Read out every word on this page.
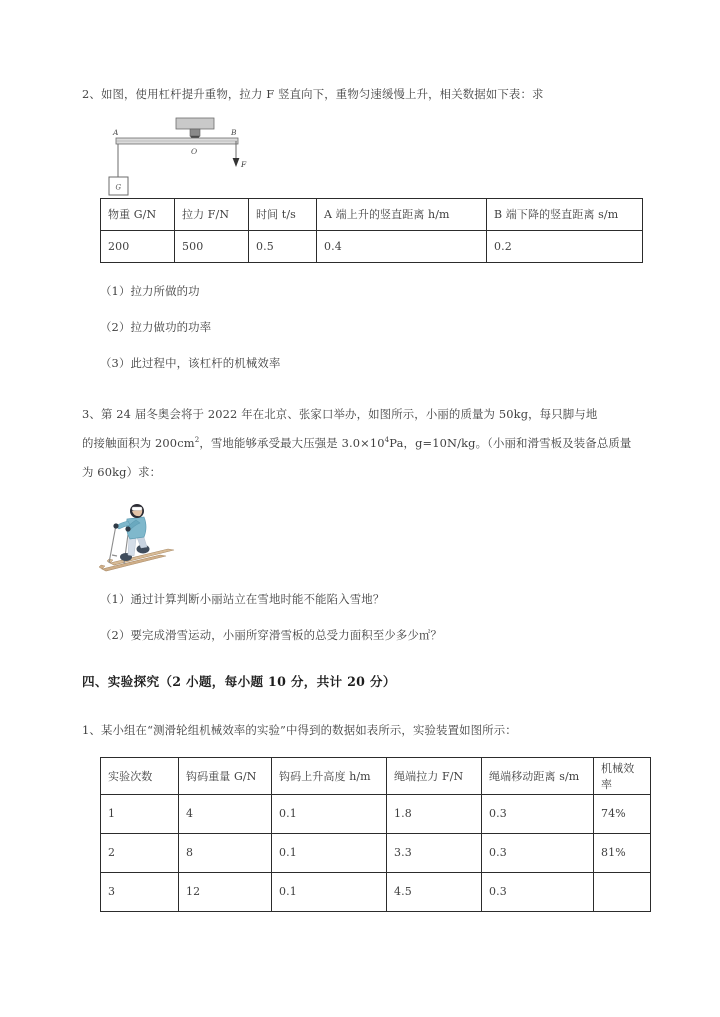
2、如图，使用杠杆提升重物，拉力 F 竖直向下，重物匀速缓慢上升，相关数据如下表：求

G
A	B
O
F
物重 G/N	拉力 F/N	时间 t/s	A 端上升的竖直距离 h/m	B 端下降的竖直距离 s/m
200	500	0.5	0.4	0.2

（1）拉力所做的功

（2）拉力做功的功率

（3）此过程中，该杠杆的机械效率

3、第 24 届冬奥会将于 2022 年在北京、张家口举办，如图所示，小丽的质量为 50kg，每只脚与地

的接触面积为 $200cm^2$，雪地能够承受最大压强是 $3.0\times 10^4Pa$，g=10N/kg。（小丽和滑雪板及装备总质量

为 60kg）求：

（1）通过计算判断小丽站立在雪地时能不能陷入雪地？

（2）要完成滑雪运动，小丽所穿滑雪板的总受力面积至少多少㎡？

四、实验探究（2 小题，每小题 10 分，共计 20 分）

1、某小组在“测滑轮组机械效率的实验”中得到的数据如表所示，实验装置如图所示：

实验次数	钩码重量 G/N	钩码上升高度 h/m	绳端拉力 F/N	绳端移动距离 s/m	机械效率
1	4	0.1	1.8	0.3	74%
2	8	0.1	3.3	0.3	81%
3	12	0.1	4.5	0.3	
